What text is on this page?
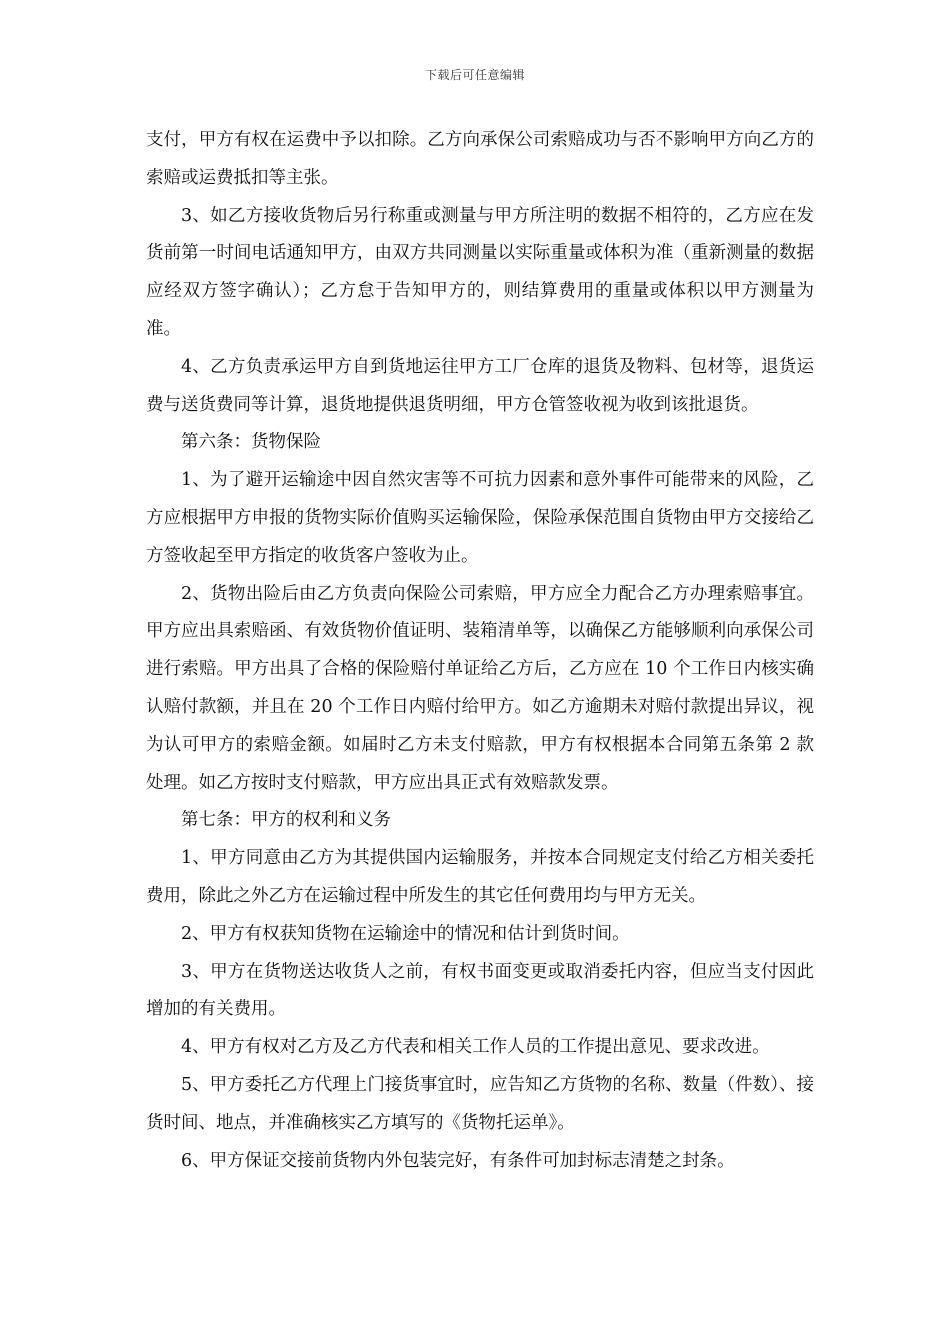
下载后可任意编辑

支付，甲方有权在运费中予以扣除。乙方向承保公司索赔成功与否不影响甲方向乙方的索赔或运费抵扣等主张。

3、如乙方接收货物后另行称重或测量与甲方所注明的数据不相符的，乙方应在发货前第一时间电话通知甲方，由双方共同测量以实际重量或体积为准（重新测量的数据应经双方签字确认）；乙方怠于告知甲方的，则结算费用的重量或体积以甲方测量为准。

4、乙方负责承运甲方自到货地运往甲方工厂仓库的退货及物料、包材等，退货运费与送货费同等计算，退货地提供退货明细，甲方仓管签收视为收到该批退货。

第六条：货物保险

1、为了避开运输途中因自然灾害等不可抗力因素和意外事件可能带来的风险，乙方应根据甲方申报的货物实际价值购买运输保险，保险承保范围自货物由甲方交接给乙方签收起至甲方指定的收货客户签收为止。

2、货物出险后由乙方负责向保险公司索赔，甲方应全力配合乙方办理索赔事宜。甲方应出具索赔函、有效货物价值证明、装箱清单等，以确保乙方能够顺利向承保公司进行索赔。甲方出具了合格的保险赔付单证给乙方后，乙方应在 10 个工作日内核实确认赔付款额，并且在 20 个工作日内赔付给甲方。如乙方逾期未对赔付款提出异议，视为认可甲方的索赔金额。如届时乙方未支付赔款，甲方有权根据本合同第五条第 2 款处理。如乙方按时支付赔款，甲方应出具正式有效赔款发票。

第七条：甲方的权利和义务

1、甲方同意由乙方为其提供国内运输服务，并按本合同规定支付给乙方相关委托费用，除此之外乙方在运输过程中所发生的其它任何费用均与甲方无关。

2、甲方有权获知货物在运输途中的情况和估计到货时间。

3、甲方在货物送达收货人之前，有权书面变更或取消委托内容，但应当支付因此增加的有关费用。

4、甲方有权对乙方及乙方代表和相关工作人员的工作提出意见、要求改进。

5、甲方委托乙方代理上门接货事宜时，应告知乙方货物的名称、数量（件数）、接货时间、地点，并准确核实乙方填写的《货物托运单》。

6、甲方保证交接前货物内外包装完好，有条件可加封标志清楚之封条。
